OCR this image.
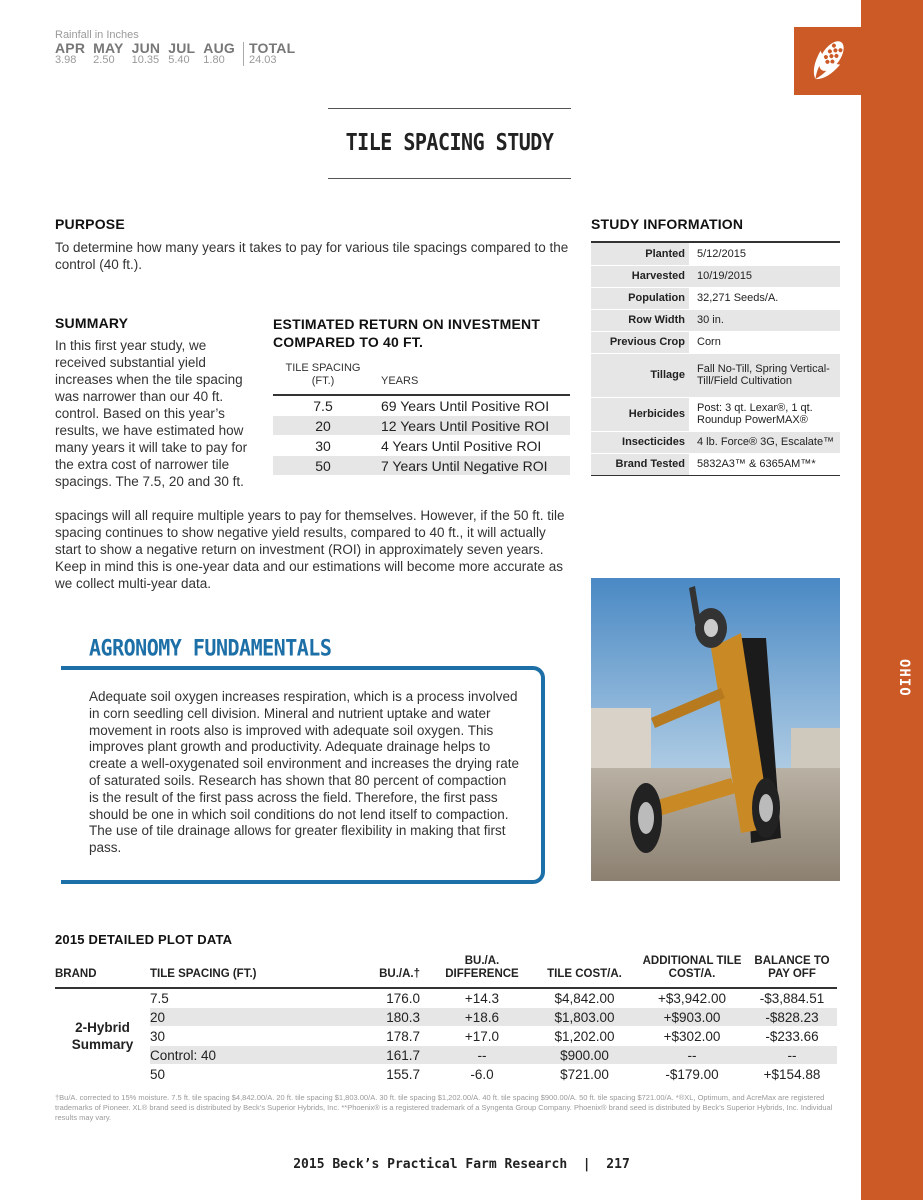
Rainfall in Inches
APR	MAY	JUN	JUL	AUG	TOTAL
3.98	2.50	10.35	5.40	1.80	24.03
OHIO
TILE SPACING STUDY
PURPOSE
To determine how many years it takes to pay for various tile spacings compared to the control (40 ft.).
STUDY INFORMATION
Planted	5/12/2015
Harvested	10/19/2015
Population	32,271 Seeds/A.
Row Width	30 in.
Previous Crop	Corn
Tillage	Fall No-Till, Spring Vertical-Till/Field Cultivation
Herbicides	Post: 3 qt. Lexar®, 1 qt. Roundup PowerMAX®
Insecticides	4 lb. Force® 3G, Escalate™
Brand Tested	5832A3™ & 6365AM™*
SUMMARY
In this first year study, we received substantial yield increases when the tile spacing was narrower than our 40 ft. control. Based on this year’s results, we have estimated how many years it will take to pay for the extra cost of narrower tile spacings. The 7.5, 20 and 30 ft.
spacings will all require multiple years to pay for themselves. However, if the 50 ft. tile spacing continues to show negative yield results, compared to 40 ft., it will actually start to show a negative return on investment (ROI) in approximately seven years. Keep in mind this is one-year data and our estimations will become more accurate as we collect multi-year data.
ESTIMATED RETURN ON INVESTMENT COMPARED TO 40 FT.
TILE SPACING (FT.)	YEARS
7.5	69 Years Until Positive ROI
20	12 Years Until Positive ROI
30	4 Years Until Positive ROI
50	7 Years Until Negative ROI
AGRONOMY FUNDAMENTALS
Adequate soil oxygen increases respiration, which is a process involved in corn seedling cell division. Mineral and nutrient uptake and water movement in roots also is improved with adequate soil oxygen. This improves plant growth and productivity. Adequate drainage helps to create a well-oxygenated soil environment and increases the drying rate of saturated soils. Research has shown that 80 percent of compaction is the result of the first pass across the field. Therefore, the first pass should be one in which soil conditions do not lend itself to compaction. The use of tile drainage allows for greater flexibility in making that first pass.
2015 DETAILED PLOT DATA
BRAND	TILE SPACING (FT.)	BU./A.†	BU./A. DIFFERENCE	TILE COST/A.	ADDITIONAL TILE COST/A.	BALANCE TO PAY OFF
2-Hybrid Summary	7.5	176.0	+14.3	$4,842.00	+$3,942.00	-$3,884.51
	20	180.3	+18.6	$1,803.00	+$903.00	-$828.23
	30	178.7	+17.0	$1,202.00	+$302.00	-$233.66
	Control: 40	161.7	--	$900.00	--	--
	50	155.7	-6.0	$721.00	-$179.00	+$154.88
†Bu/A. corrected to 15% moisture. 7.5 ft. tile spacing $4,842.00/A. 20 ft. tile spacing $1,803.00/A. 30 ft. tile spacing $1,202.00/A. 40 ft. tile spacing $900.00/A. 50 ft. tile spacing $721.00/A. *®XL, Optimum, and AcreMax are registered trademarks of Pioneer. XL® brand seed is distributed by Beck’s Superior Hybrids, Inc. **Phoenix® is a registered trademark of a Syngenta Group Company. Phoenix® brand seed is distributed by Beck’s Superior Hybrids, Inc. Individual results may vary.
2015 Beck’s Practical Farm Research  |  217
